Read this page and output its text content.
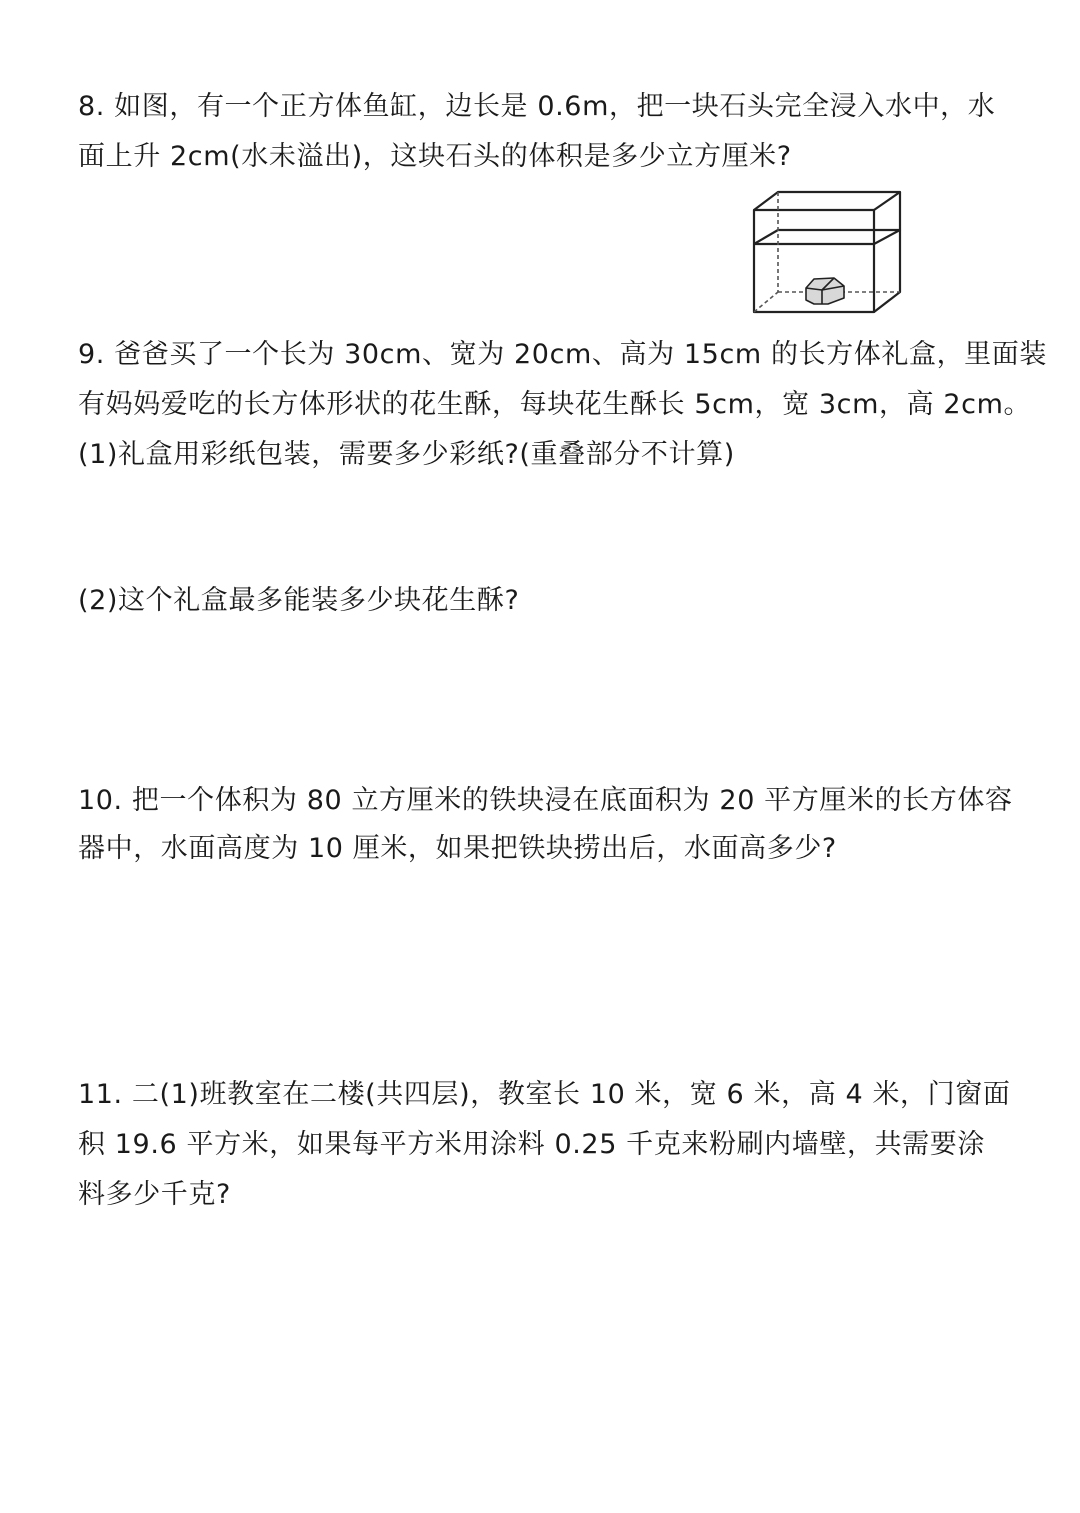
8. 如图，有一个正方体鱼缸，边长是 0.6m，把一块石头完全浸入水中，水
面上升 2cm(水未溢出)，这块石头的体积是多少立方厘米?
9. 爸爸买了一个长为 30cm、宽为 20cm、高为 15cm 的长方体礼盒，里面装
有妈妈爱吃的长方体形状的花生酥，每块花生酥长 5cm，宽 3cm，高 2cm。
(1)礼盒用彩纸包装，需要多少彩纸?(重叠部分不计算)
(2)这个礼盒最多能装多少块花生酥?
10. 把一个体积为 80 立方厘米的铁块浸在底面积为 20 平方厘米的长方体容
器中，水面高度为 10 厘米，如果把铁块捞出后，水面高多少?
11. 二(1)班教室在二楼(共四层)，教室长 10 米，宽 6 米，高 4 米，门窗面
积 19.6 平方米，如果每平方米用涂料 0.25 千克来粉刷内墙壁，共需要涂
料多少千克?
